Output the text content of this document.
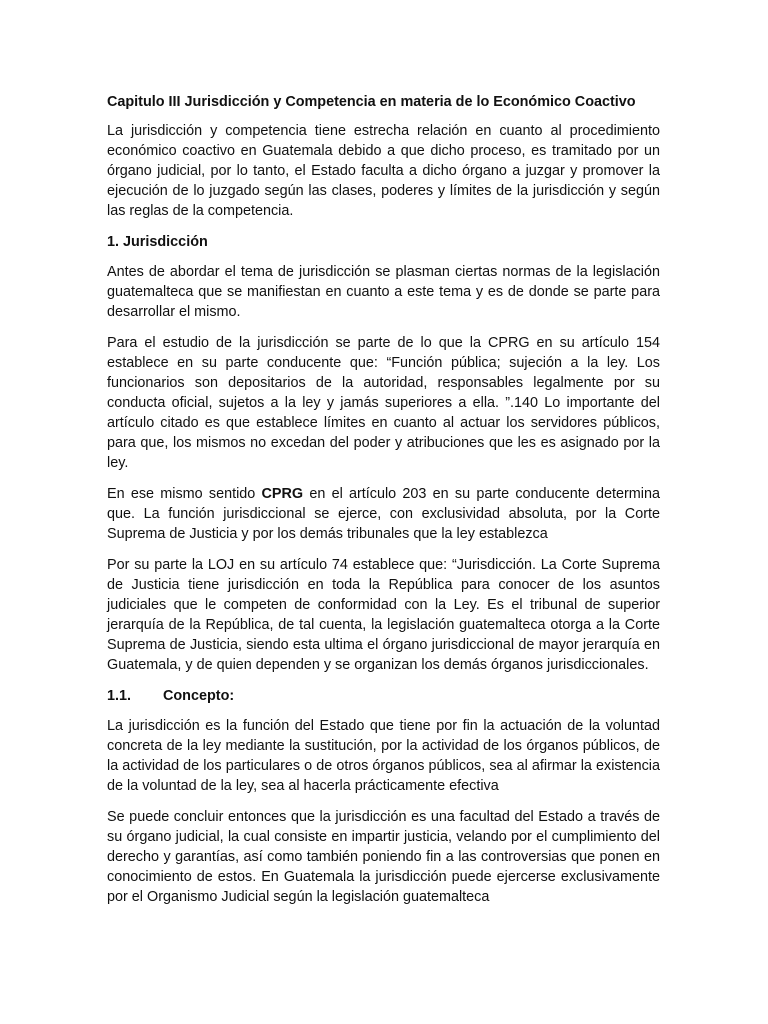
Capitulo III Jurisdicción y Competencia en materia de lo Económico Coactivo

La jurisdicción y competencia tiene estrecha relación en cuanto al procedimiento económico coactivo en Guatemala debido a que dicho proceso, es tramitado por un órgano judicial, por lo tanto, el Estado faculta a dicho órgano a juzgar y promover la ejecución de lo juzgado según las clases, poderes y límites de la jurisdicción y según las reglas de la competencia.

1. Jurisdicción

Antes de abordar el tema de jurisdicción se plasman ciertas normas de la legislación guatemalteca que se manifiestan en cuanto a este tema y es de donde se parte para desarrollar el mismo.

Para el estudio de la jurisdicción se parte de lo que la CPRG en su artículo 154 establece en su parte conducente que: “Función pública; sujeción a la ley. Los funcionarios son depositarios de la autoridad, responsables legalmente por su conducta oficial, sujetos a la ley y jamás superiores a ella. ”.140 Lo importante del artículo citado es que establece límites en cuanto al actuar los servidores públicos, para que, los mismos no excedan del poder y atribuciones que les es asignado por la ley.

En ese mismo sentido CPRG en el artículo 203 en su parte conducente determina que. La función jurisdiccional se ejerce, con exclusividad absoluta, por la Corte Suprema de Justicia y por los demás tribunales que la ley establezca

Por su parte la LOJ en su artículo 74 establece que: “Jurisdicción. La Corte Suprema de Justicia tiene jurisdicción en toda la República para conocer de los asuntos judiciales que le competen de conformidad con la Ley. Es el tribunal de superior jerarquía de la República, de tal cuenta, la legislación guatemalteca otorga a la Corte Suprema de Justicia, siendo esta ultima el órgano jurisdiccional de mayor jerarquía en Guatemala, y de quien dependen y se organizan los demás órganos jurisdiccionales.

1.1. Concepto:

La jurisdicción es la función del Estado que tiene por fin la actuación de la voluntad concreta de la ley mediante la sustitución, por la actividad de los órganos públicos, de la actividad de los particulares o de otros órganos públicos, sea al afirmar la existencia de la voluntad de la ley, sea al hacerla prácticamente efectiva

Se puede concluir entonces que la jurisdicción es una facultad del Estado a través de su órgano judicial, la cual consiste en impartir justicia, velando por el cumplimiento del derecho y garantías, así como también poniendo fin a las controversias que ponen en conocimiento de estos. En Guatemala la jurisdicción puede ejercerse exclusivamente por el Organismo Judicial según la legislación guatemalteca
